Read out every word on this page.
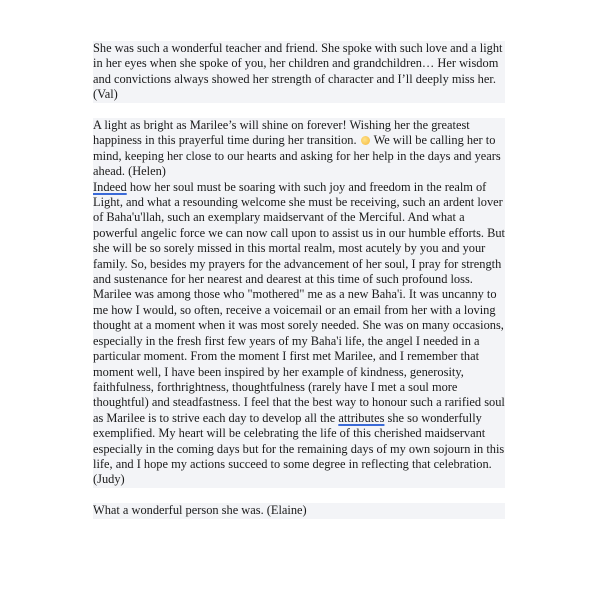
She was such a wonderful teacher and friend. She spoke with such love and a light in her eyes when she spoke of you, her children and grandchildren… Her wisdom and convictions always showed her strength of character and I’ll deeply miss her. (Val)

A light as bright as Marilee’s will shine on forever! Wishing her the greatest happiness in this prayerful time during her transition.  We will be calling her to mind, keeping her close to our hearts and asking for her help in the days and years ahead. (Helen)

Indeed how her soul must be soaring with such joy and freedom in the realm of Light, and what a resounding welcome she must be receiving, such an ardent lover of Baha'u'llah, such an exemplary maidservant of the Merciful. And what a powerful angelic force we can now call upon to assist us in our humble efforts. But she will be so sorely missed in this mortal realm, most acutely by you and your family. So, besides my prayers for the advancement of her soul, I pray for strength and sustenance for her nearest and dearest at this time of such profound loss. Marilee was among those who "mothered" me as a new Baha'i. It was uncanny to me how I would, so often, receive a voicemail or an email from her with a loving thought at a moment when it was most sorely needed. She was on many occasions, especially in the fresh first few years of my Baha'i life, the angel I needed in a particular moment. From the moment I first met Marilee, and I remember that moment well, I have been inspired by her example of kindness, generosity, faithfulness, forthrightness, thoughtfulness (rarely have I met a soul more thoughtful) and steadfastness. I feel that the best way to honour such a rarified soul as Marilee is to strive each day to develop all the attributes she so wonderfully exemplified. My heart will be celebrating the life of this cherished maidservant especially in the coming days but for the remaining days of my own sojourn in this life, and I hope my actions succeed to some degree in reflecting that celebration. (Judy)

What a wonderful person she was. (Elaine)
